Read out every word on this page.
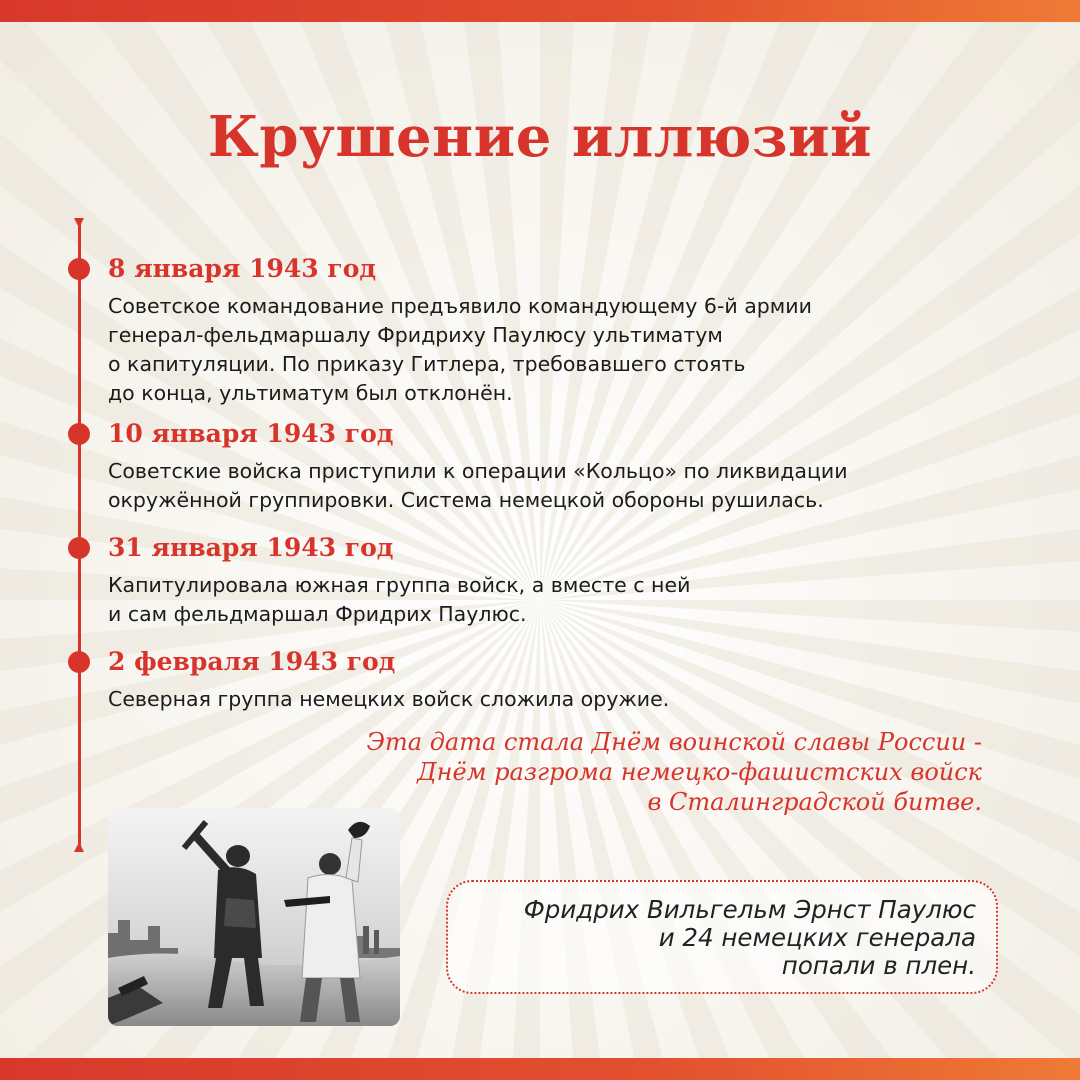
Крушение иллюзий
8 января 1943 год

Советское командование предъявило командующему 6-й армии
генерал-фельдмаршалу Фридриху Паулюсу ультиматум
о капитуляции. По приказу Гитлера, требовавшего стоять
до конца, ультиматум был отклонён.

10 января 1943 год

Советские войска приступили к операции «Кольцо» по ликвидации
окружённой группировки. Система немецкой обороны рушилась.

31 января 1943 год

Капитулировала южная группа войск, а вместе с ней
и сам фельдмаршал Фридрих Паулюс.

2 февраля 1943 год

Северная группа немецких войск сложила оружие.

Эта дата стала Днём воинской славы России -
Днём разгрома немецко-фашистских войск
в Сталинградской битве.

Фридрих Вильгельм Эрнст Паулюс
и 24 немецких генерала
попали в плен.
